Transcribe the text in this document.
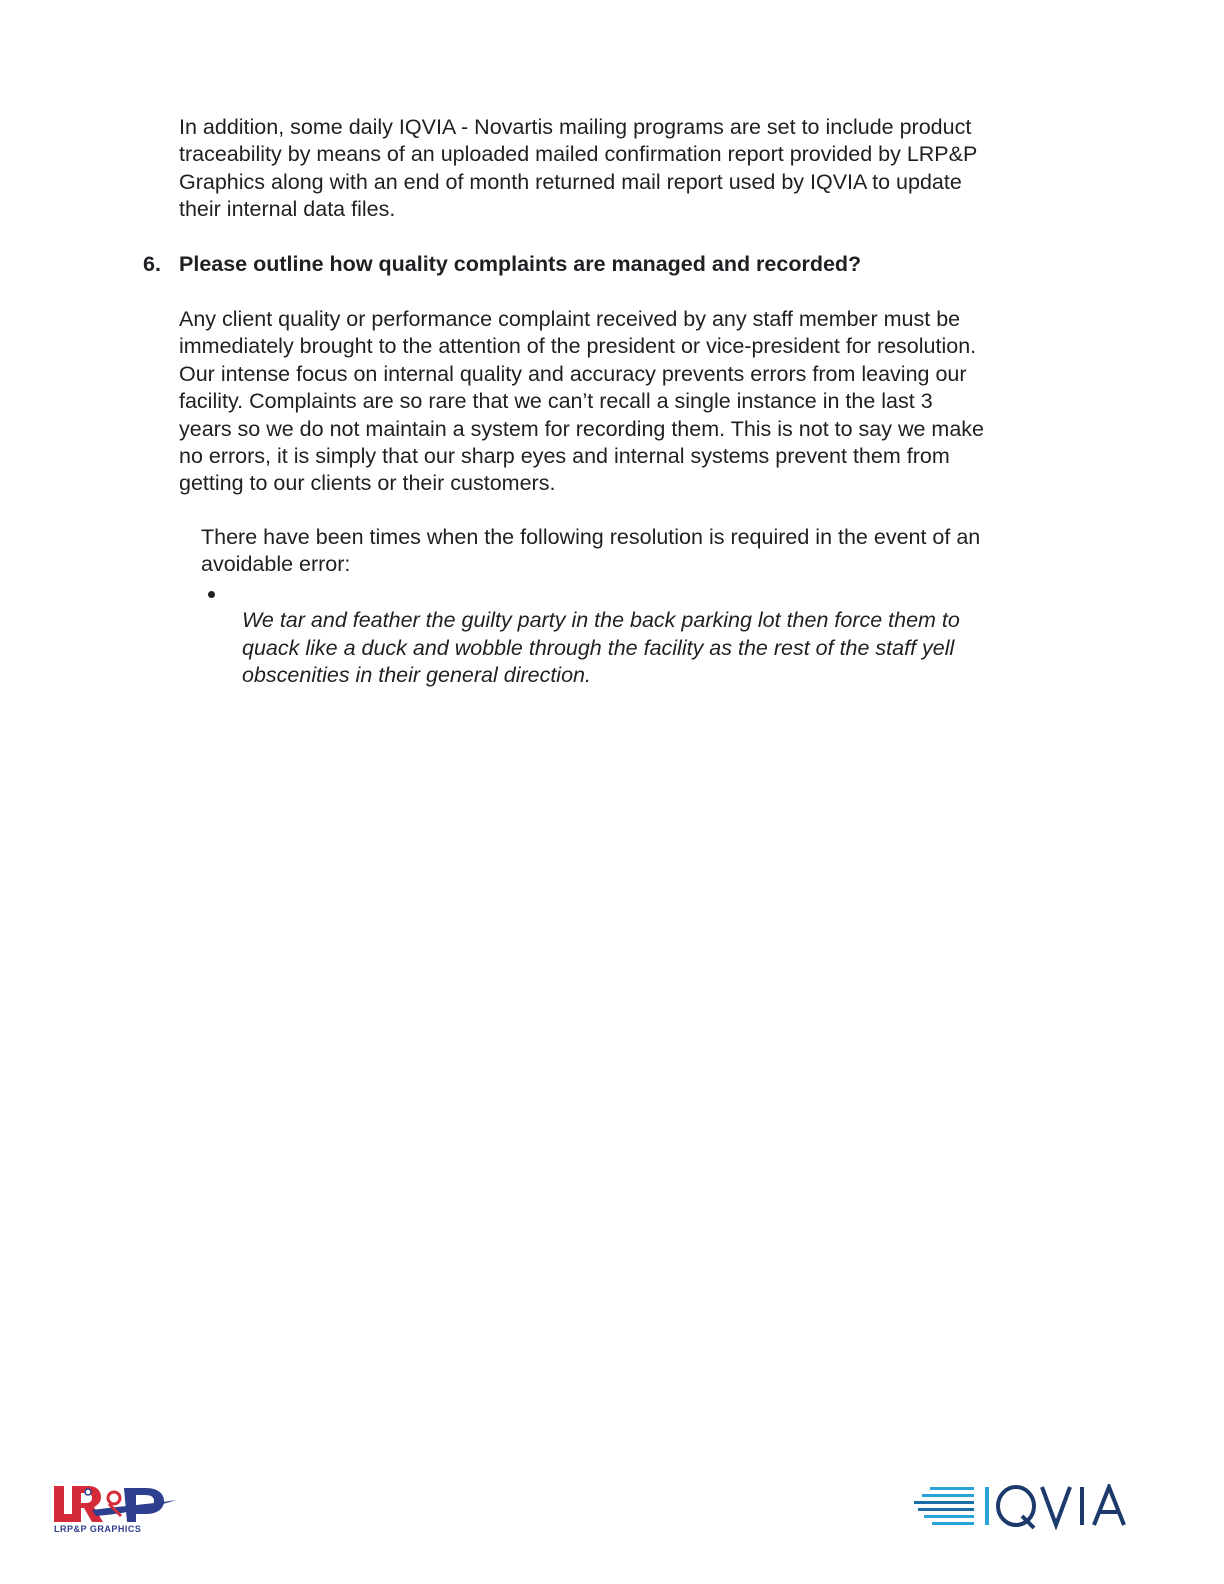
In addition, some daily IQVIA - Novartis mailing programs are set to include product
traceability by means of an uploaded mailed confirmation report provided by LRP&P
Graphics along with an end of month returned mail report used by IQVIA to update
their internal data files.

6. Please outline how quality complaints are managed and recorded?

Any client quality or performance complaint received by any staff member must be
immediately brought to the attention of the president or vice-president for resolution.
Our intense focus on internal quality and accuracy prevents errors from leaving our
facility. Complaints are so rare that we can’t recall a single instance in the last 3
years so we do not maintain a system for recording them. This is not to say we make
no errors, it is simply that our sharp eyes and internal systems prevent them from
getting to our clients or their customers.

There have been times when the following resolution is required in the event of an
avoidable error:

We tar and feather the guilty party in the back parking lot then force them to
quack like a duck and wobble through the facility as the rest of the staff yell
obscenities in their general direction.

LRP&P GRAPHICS
